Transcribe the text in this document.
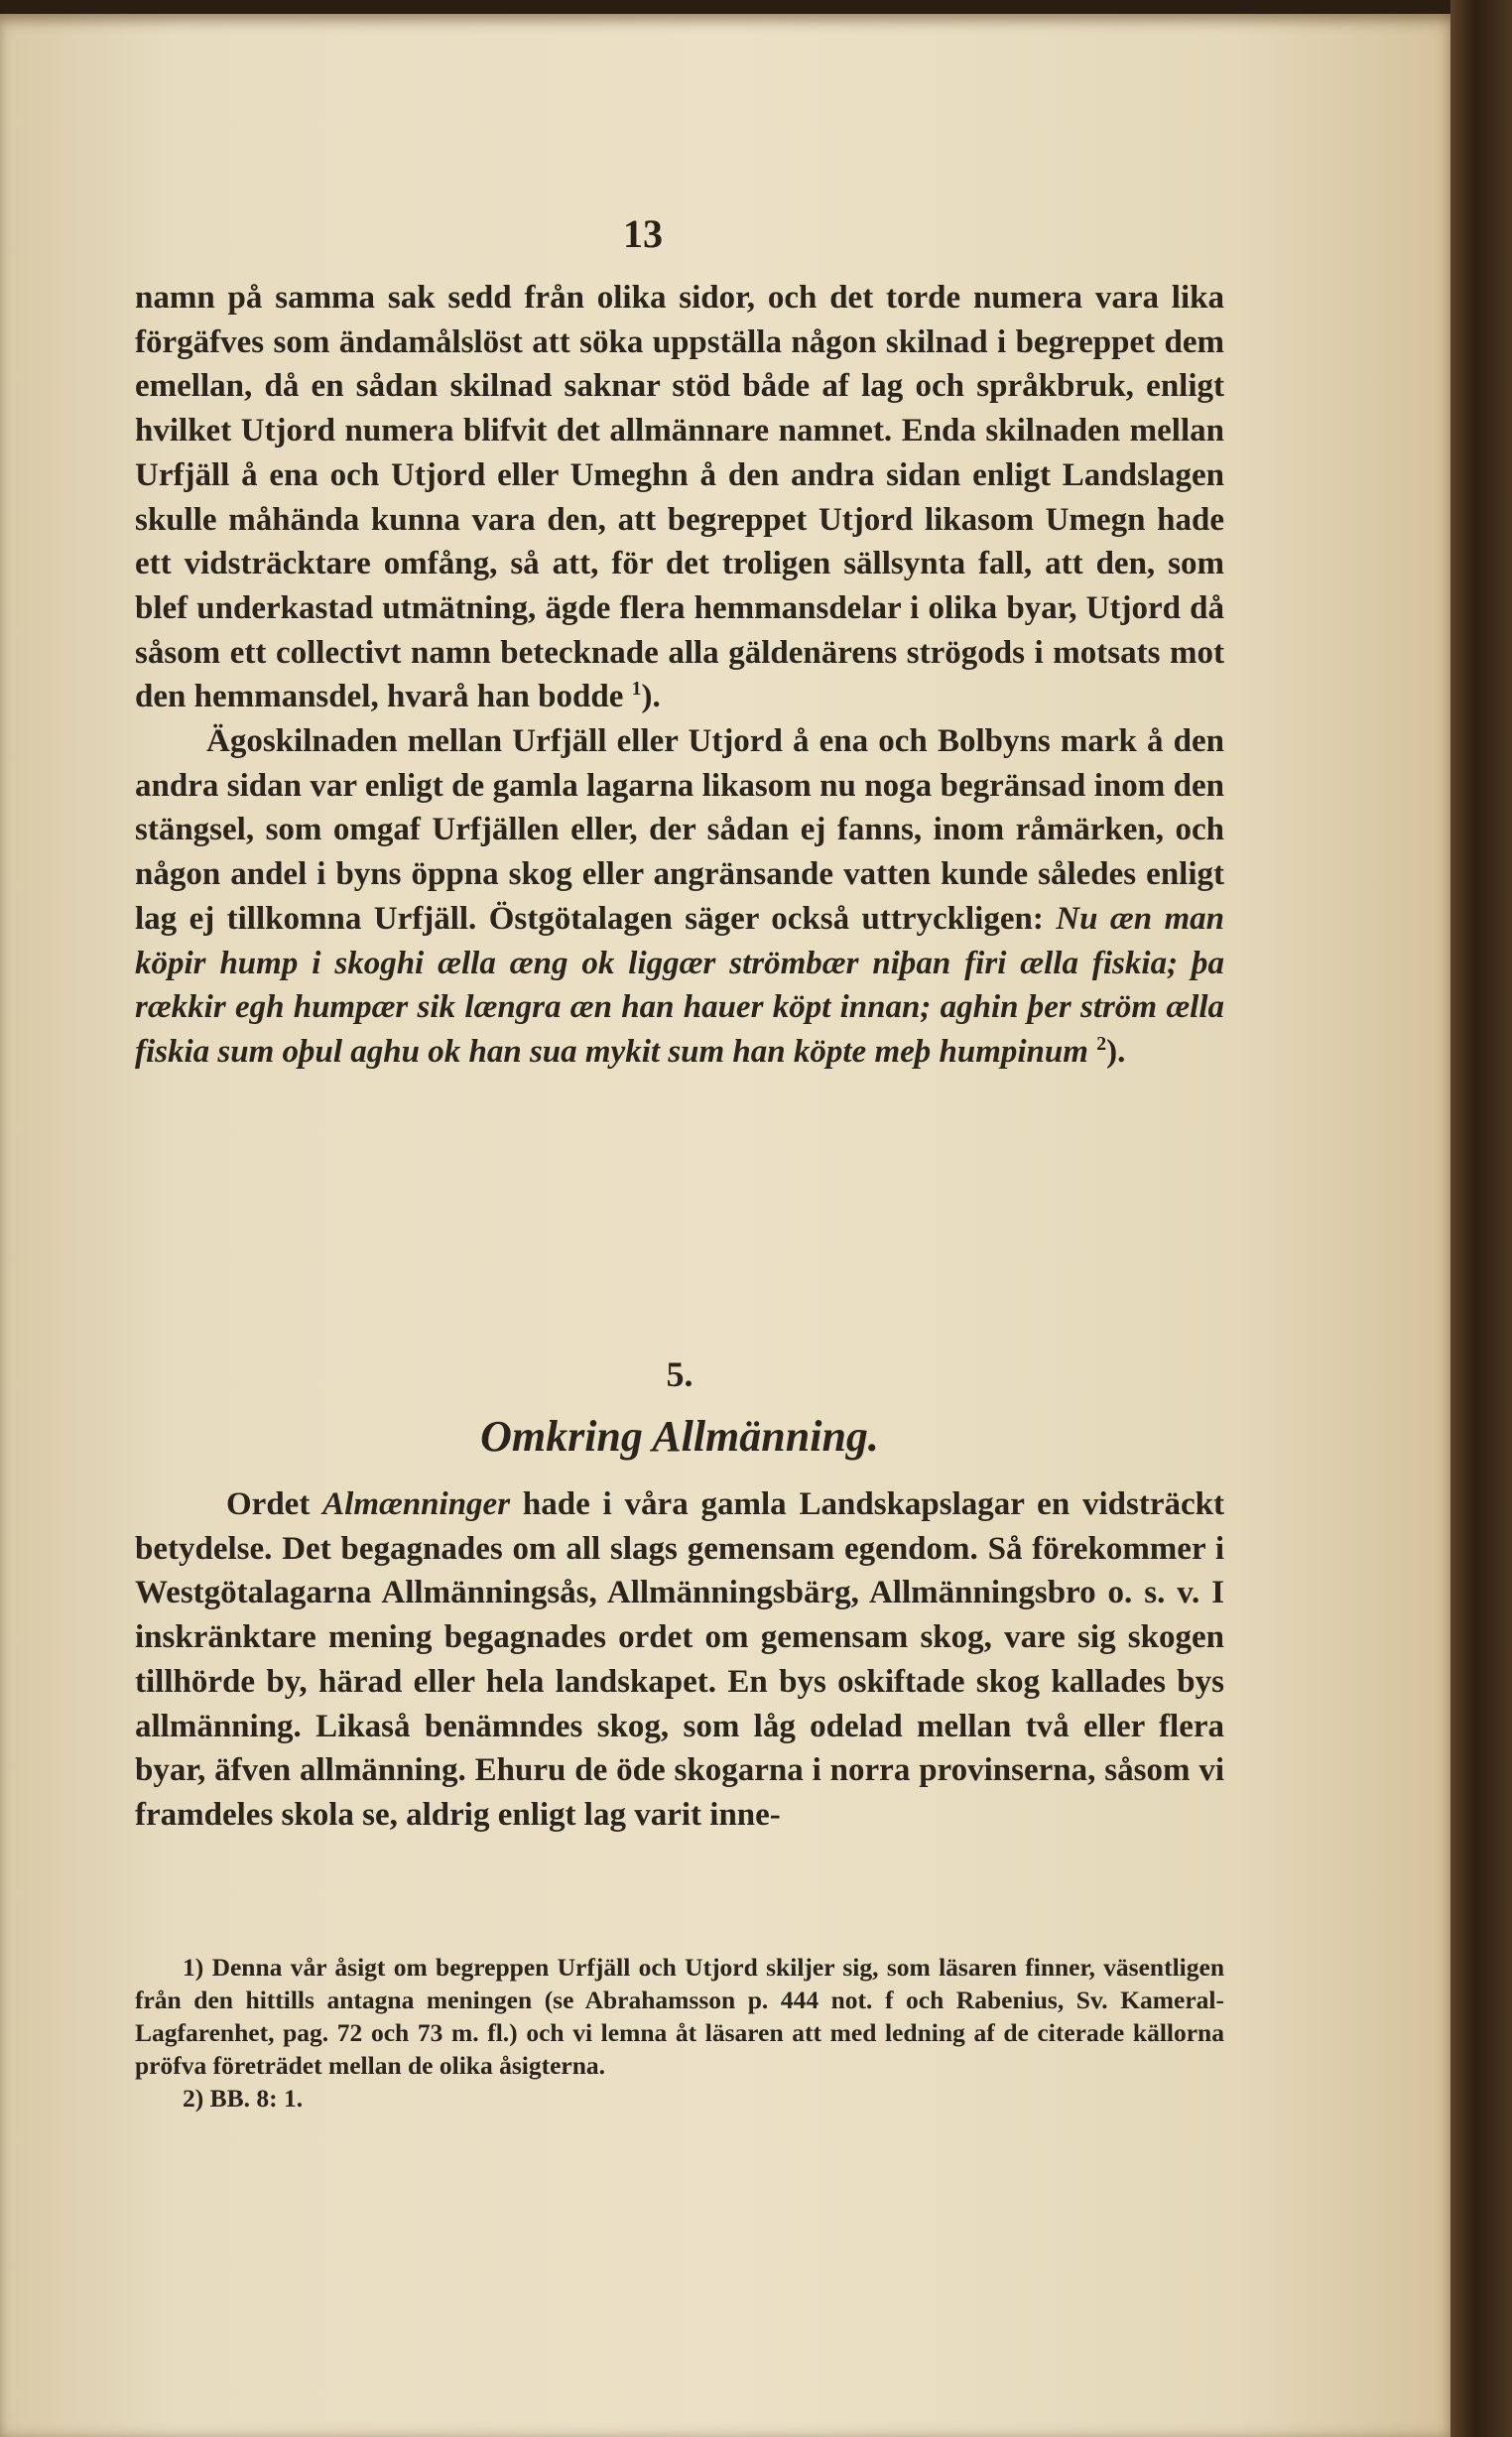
13

namn på samma sak sedd från olika sidor, och det torde numera vara lika förgäfves som ändamålslöst att söka uppställa någon skilnad i begreppet dem emellan, då en sådan skilnad saknar stöd både af lag och språkbruk, enligt hvilket Utjord numera blifvit det allmännare namnet. Enda skilnaden mellan Urfjäll å ena och Utjord eller Umeghn å den andra sidan enligt Landslagen skulle måhända kunna vara den, att begreppet Utjord likasom Umegn hade ett vidsträcktare omfång, så att, för det troligen sällsynta fall, att den, som blef underkastad utmätning, ägde flera hemmansdelar i olika byar, Utjord då såsom ett collectivt namn betecknade alla gäldenärens strögods i motsats mot den hemmansdel, hvarå han bodde $^1$).

Ägoskilnaden mellan Urfjäll eller Utjord å ena och Bolbyns mark å den andra sidan var enligt de gamla lagarna likasom nu noga begränsad inom den stängsel, som omgaf Urfjällen eller, der sådan ej fanns, inom råmärken, och någon andel i byns öppna skog eller angränsande vatten kunde således enligt lag ej tillkomna Urfjäll. Östgötalagen säger också uttryckligen: Nu æn man köpir hump i skoghi ælla æng ok liggær strömbær niþan firi ælla fiskia; þa rækkir egh humpær sik længra æn han hauer köpt innan; aghin þer ström ælla fiskia sum oþul aghu ok han sua mykit sum han köpte meþ humpinum $^2$).

5.
Omkring Allmänning.
Ordet Almænninger hade i våra gamla Landskapslagar en vidsträckt betydelse. Det begagnades om all slags gemensam egendom. Så förekommer i Westgötalagarna Allmänningsås, Allmänningsbärg, Allmänningsbro o. s. v. I inskränktare mening begagnades ordet om gemensam skog, vare sig skogen tillhörde by, härad eller hela landskapet. En bys oskiftade skog kallades bys allmänning. Likaså benämndes skog, som låg odelad mellan två eller flera byar, äfven allmänning. Ehuru de öde skogarna i norra provinserna, såsom vi framdeles skola se, aldrig enligt lag varit inne-

1) Denna vår åsigt om begreppen Urfjäll och Utjord skiljer sig, som läsaren finner, väsentligen från den hittills antagna meningen (se Abrahamsson p. 444 not. f och Rabenius, Sv. Kameral-Lagfarenhet, pag. 72 och 73 m. fl.) och vi lemna åt läsaren att med ledning af de citerade källorna pröfva företrädet mellan de olika åsigterna.

2) BB. 8: 1.
